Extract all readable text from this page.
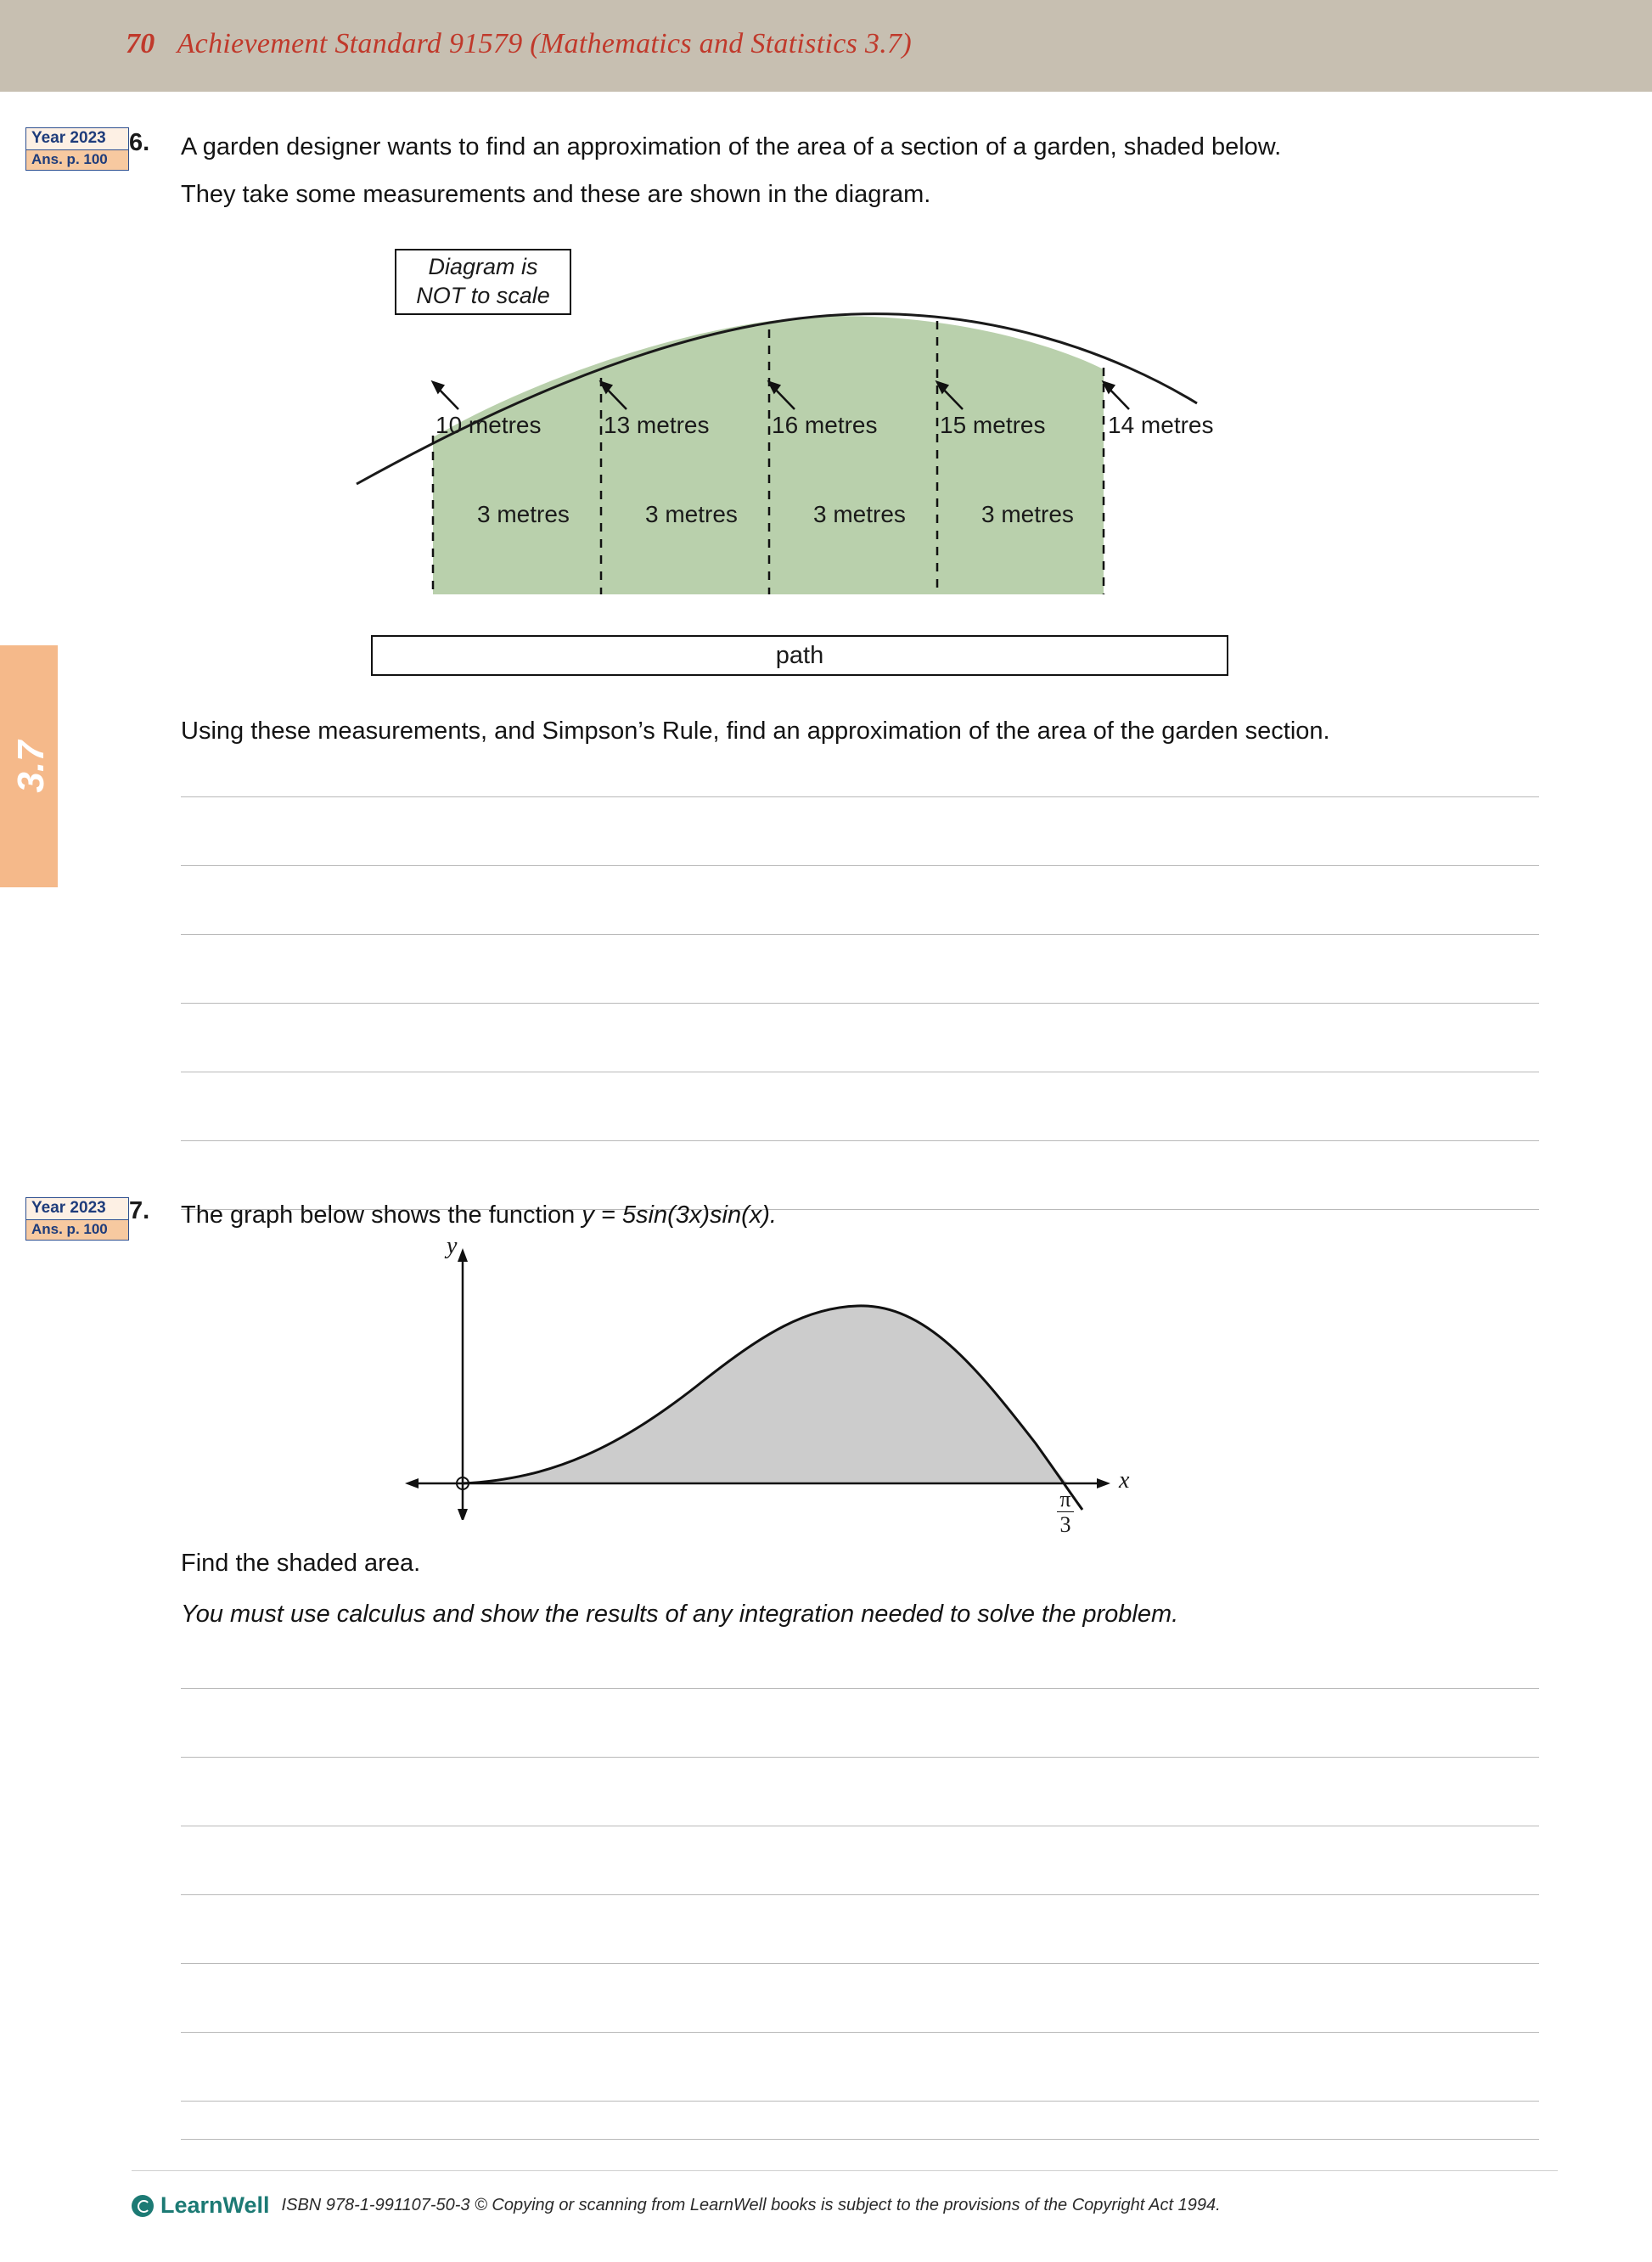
70 Achievement Standard 91579 (Mathematics and Statistics 3.7)
3.7
Year 2023
Ans. p. 100
6. A garden designer wants to find an approximation of the area of a section of a garden, shaded below.
They take some measurements and these are shown in the diagram.
Diagram is
NOT to scale
10 metres	13 metres	16 metres	15 metres	14 metres
3 metres	3 metres	3 metres	3 metres
path
Using these measurements, and Simpson’s Rule, find an approximation of the area of the garden section.
Year 2023
Ans. p. 100
7. The graph below shows the function y = 5sin(3x)sin(x).
y
x
π
3
Find the shaded area.
You must use calculus and show the results of any integration needed to solve the problem.
LearnWell ISBN 978-1-991107-50-3 © Copying or scanning from LearnWell books is subject to the provisions of the Copyright Act 1994.
